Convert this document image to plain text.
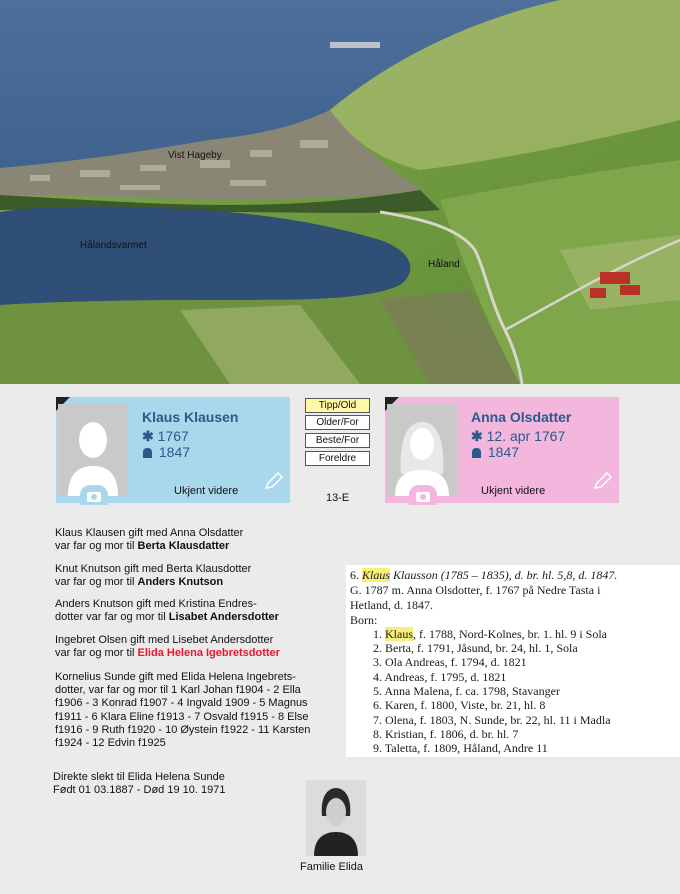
Vist Hageby
Hålandsvannet
Håland
Klaus Klausen
✱ 1767
1847
Ukjent videre
Tipp/Old
Older/For
Beste/For
Foreldre
13-E
Anna Olsdatter
✱ 12. apr 1767
1847
Ukjent videre
Klaus Klausen gift med Anna Olsdatter
var far og mor til Berta Klausdatter
Knut Knutson gift med Berta Klausdotter
var far og mor til Anders Knutson
Anders Knutson gift med Kristina Endres-
dotter var far og mor til Lisabet Andersdotter
Ingebret Olsen gift med Lisebet Andersdotter
var far og mor til Elida Helena Igebretsdotter
Kornelius Sunde gift med Elida Helena Ingebrets-
dotter, var far og mor til 1 Karl Johan f1904 - 2 Ella
f1906 - 3 Konrad f1907 - 4 Ingvald 1909 - 5 Magnus
f1911 - 6 Klara Eline f1913 - 7 Osvald f1915 - 8 Else
f1916 - 9 Ruth f1920 - 10 Øystein f1922 - 11 Karsten
f1924 - 12 Edvin f1925
Direkte slekt til Elida Helena Sunde
Født 01 03.1887 - Død 19 10. 1971
6. Klaus Klausson (1785 – 1835), d. br. hl. 5,8, d. 1847.
G. 1787 m. Anna Olsdotter, f. 1767 på Nedre Tasta i
Hetland, d. 1847.
Born:
1. Klaus, f. 1788, Nord-Kolnes, br. 1. hl. 9 i Sola
2. Berta, f. 1791, Jåsund, br. 24, hl. 1, Sola
3. Ola Andreas, f. 1794, d. 1821
4. Andreas, f. 1795, d. 1821
5. Anna Malena, f. ca. 1798, Stavanger
6. Karen, f. 1800, Viste, br. 21, hl. 8
7. Olena, f. 1803, N. Sunde, br. 22, hl. 11 i Madla
8. Kristian, f. 1806, d. br. hl. 7
9. Taletta, f. 1809, Håland, Andre 11
Familie Elida
